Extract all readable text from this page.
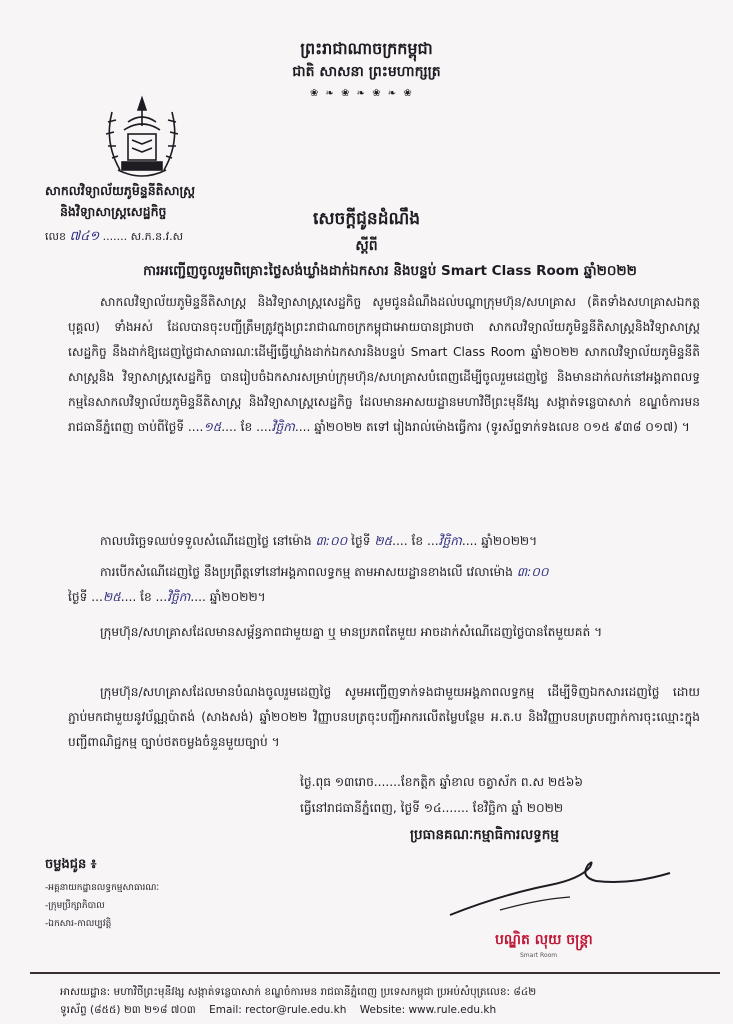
ព្រះរាជាណាចក្រកម្ពុជា
ជាតិ សាសនា ព្រះមហាក្សត្រ
❀ ❧ ❀ ❧ ❀ ❧ ❀
សាកលវិទ្យាល័យភូមិន្ទនីតិសាស្ត្រ
និងវិទ្យាសាស្ត្រសេដ្ឋកិច្ច
លេខ ៧៤១ ....... ស.ភ.ន.វ.ស
សេចក្តីជូនដំណឹង
ស្តីពី
ការអញ្ជើញចូលរួមពិគ្រោះថ្លៃសង់ឃ្លាំងដាក់ឯកសារ និងបន្ទប់ Smart Class Room ឆ្នាំ២០២២
សាកលវិទ្យាល័យភូមិន្ទនីតិសាស្ត្រ និងវិទ្យាសាស្ត្រសេដ្ឋកិច្ច សូមជូនដំណឹងដល់បណ្តាក្រុមហ៊ុន/សហគ្រាស (គិតទាំងសហគ្រាសឯកត្តបុគ្គល) ទាំងអស់ ដែលបានចុះបញ្ជីត្រឹមត្រូវក្នុងព្រះរាជាណាចក្រកម្ពុជាអោយបានជ្រាបថា សាកលវិទ្យាល័យភូមិន្ទនីតិសាស្ត្រនិងវិទ្យាសាស្ត្រសេដ្ឋកិច្ច នឹងដាក់ឱ្យដេញថ្លៃជាសាធារណៈដើម្បីធ្វើឃ្លាំងដាក់ឯកសារនិងបន្ទប់ Smart Class Room ឆ្នាំ២០២២ សាកលវិទ្យាល័យភូមិន្ទនីតិសាស្ត្រនិង វិទ្យាសាស្ត្រសេដ្ឋកិច្ច បានរៀបចំឯកសារសម្រាប់ក្រុមហ៊ុន/សហគ្រាសបំពេញដើម្បីចូលរួមដេញថ្លៃ និងមានដាក់លក់នៅអង្គភាពលទ្ធកម្មនៃសាកលវិទ្យាល័យភូមិន្ទនីតិសាស្ត្រ និងវិទ្យាសាស្ត្រសេដ្ឋកិច្ច ដែលមានអាសយដ្ឋានមហាវិថីព្រះមុនីវង្ស សង្កាត់ទន្លេបាសាក់ ខណ្ឌចំការមន រាជធានីភ្នំពេញ ចាប់ពីថ្ងៃទី ....១៥.... ខែ ....វិច្ឆិកា.... ឆ្នាំ២០២២ តទៅ រៀងរាល់ម៉ោងធ្វើការ (ទូរស័ព្ទទាក់ទងលេខ ០១៥ ៩៣៨ ០១៧) ។
កាលបរិច្ឆេទឈប់ទទួលសំណើដេញថ្លៃ នៅម៉ោង ៣:០០ ថ្ងៃទី ២៥.... ខែ ...វិច្ឆិកា.... ឆ្នាំ២០២២។
ការបើកសំណើដេញថ្លៃ នឹងប្រព្រឹត្តទៅនៅអង្គភាពលទ្ធកម្ម តាមអាសយដ្ឋានខាងលើ វេលាម៉ោង ៣:០០
ថ្ងៃទី ...២៥.... ខែ ...វិច្ឆិកា.... ឆ្នាំ២០២២។
ក្រុមហ៊ុន/សហគ្រាសដែលមានសម្ព័ន្ធភាពជាមួយគ្នា ឬ មានប្រភពតែមួយ អាចដាក់សំណើដេញថ្លៃបានតែមួយគត់ ។
ក្រុមហ៊ុន/សហគ្រាសដែលមានបំណងចូលរួមដេញថ្លៃ សូមអញ្ជើញទាក់ទងជាមួយអង្គភាពលទ្ធកម្ម ដើម្បីទិញឯកសារដេញថ្លៃ ដោយភ្ជាប់មកជាមួយនូវប័ណ្ណប៉ាតង់ (សាងសង់) ឆ្នាំ២០២២ វិញ្ញាបនបត្រចុះបញ្ជីអាករលើតម្លៃបន្ថែម អ.ត.ប និងវិញ្ញាបនបត្របញ្ជាក់ការចុះឈ្មោះក្នុងបញ្ជីពាណិជ្ជកម្ម ច្បាប់ថតចម្លងចំនួនមួយច្បាប់ ។
ថ្ងៃ.ពុធ ១៣រោច.......ខែកត្តិក ឆ្នាំខាល ចត្វាស័ក ព.ស ២៥៦៦
ធ្វើនៅរាជធានីភ្នំពេញ, ថ្ងៃទី ១៤....... ខែវិច្ឆិកា ឆ្នាំ ២០២២
ប្រធានគណៈកម្មាធិការលទ្ធកម្ម
បណ្ឌិត លុយ ចន្ត្រា
ចម្លងជូន ៖
-អគ្គនាយកដ្ឋានលទ្ធកម្មសាធារណៈ
-ក្រុមប្រឹក្សាភិបាល
-ឯកសារ-កាលប្បវត្តិ
Smart Room
អាសយដ្ឋាន: មហាវិថីព្រះមុនីវង្ស សង្កាត់ទន្លេបាសាក់ ខណ្ឌចំការមន រាជធានីភ្នំពេញ ប្រទេសកម្ពុជា ប្រអប់សំបុត្រលេខ: ៨៤២
ទូរស័ព្ទ (៨៥៥) ២៣ ២១៨ ៧០៣ Email: rector@rule.edu.kh Website: www.rule.edu.kh
